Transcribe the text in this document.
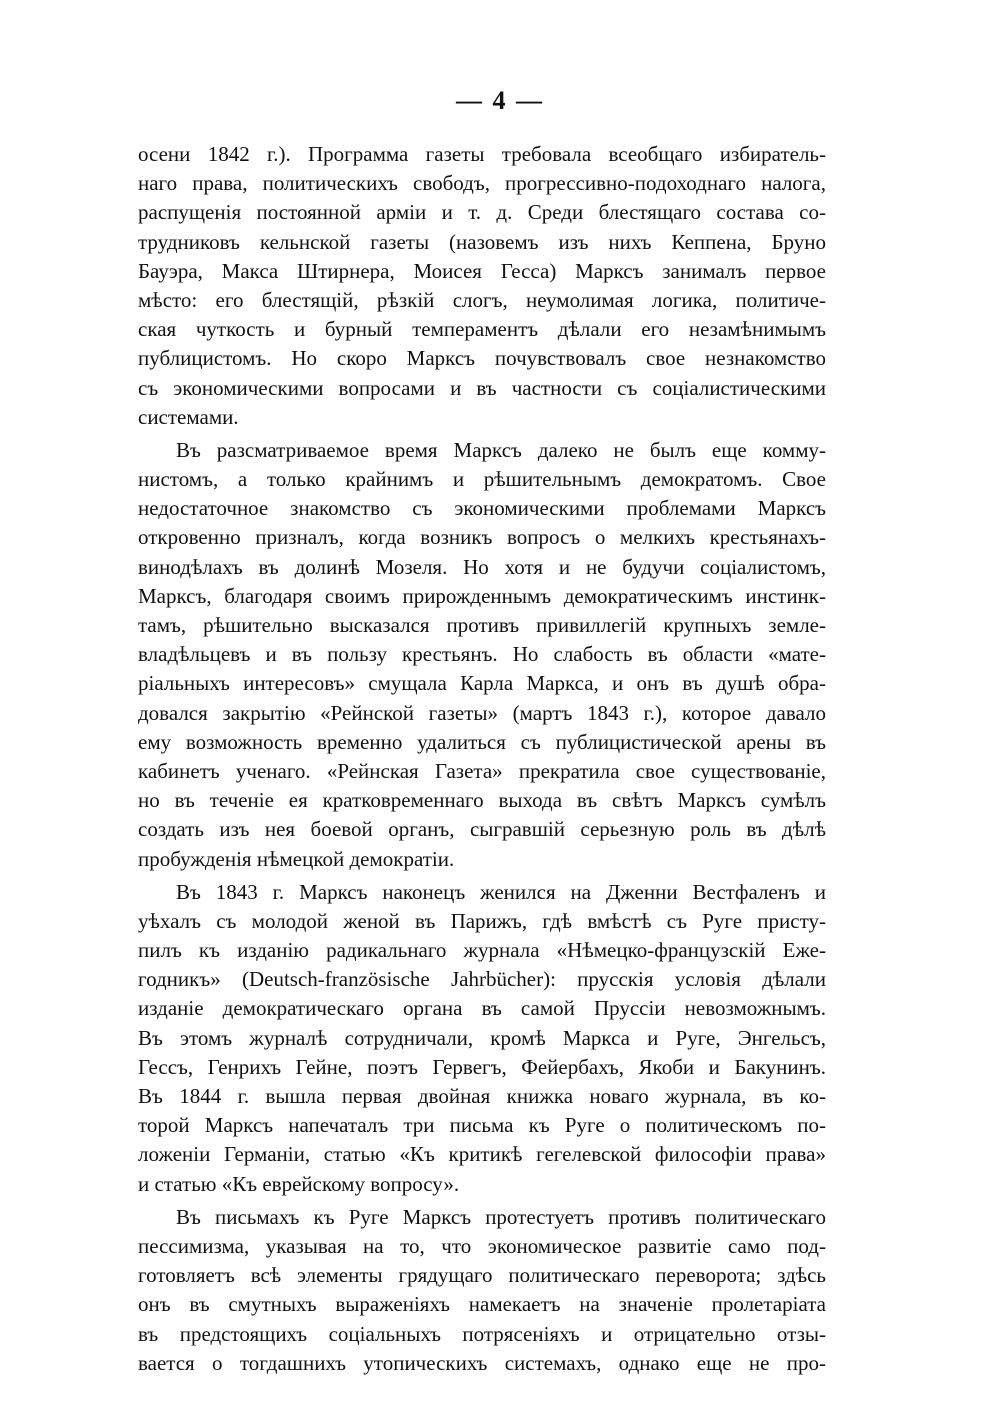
— 4 —
осени 1842 г.). Программа газеты требовала всеобщаго избиратель-
наго права, политическихъ свободъ, прогрессивно-подоходнаго налога,
распущенія постоянной арміи и т. д. Среди блестящаго состава со-
трудниковъ кельнской газеты (назовемъ изъ нихъ Кеппена, Бруно
Бауэра, Макса Штирнера, Моисея Гесса) Марксъ занималъ первое
мѣсто: его блестящій, рѣзкій слогъ, неумолимая логика, политиче-
ская чуткость и бурный темпераментъ дѣлали его незамѣнимымъ
публицистомъ. Но скоро Марксъ почувствовалъ свое незнакомство
съ экономическими вопросами и въ частности съ соціалистическими
системами.
Въ разсматриваемое время Марксъ далеко не былъ еще комму-
нистомъ, а только крайнимъ и рѣшительнымъ демократомъ. Свое
недостаточное знакомство съ экономическими проблемами Марксъ
откровенно призналъ, когда возникъ вопросъ о мелкихъ крестьянахъ-
винодѣлахъ въ долинѣ Мозеля. Но хотя и не будучи соціалистомъ,
Марксъ, благодаря своимъ прирожденнымъ демократическимъ инстинк-
тамъ, рѣшительно высказался противъ привиллегій крупныхъ земле-
владѣльцевъ и въ пользу крестьянъ. Но слабость въ области «мате-
ріальныхъ интересовъ» смущала Карла Маркса, и онъ въ душѣ обра-
довался закрытію «Рейнской газеты» (мартъ 1843 г.), которое давало
ему возможность временно удалиться съ публицистической арены въ
кабинетъ ученаго. «Рейнская Газета» прекратила свое существованіе,
но въ теченіе ея кратковременнаго выхода въ свѣтъ Марксъ сумѣлъ
создать изъ нея боевой органъ, сыгравшій серьезную роль въ дѣлѣ
пробужденія нѣмецкой демократіи.
Въ 1843 г. Марксъ наконецъ женился на Дженни Вестфаленъ и
уѣхалъ съ молодой женой въ Парижъ, гдѣ вмѣстѣ съ Руге присту-
пилъ къ изданію радикальнаго журнала «Нѣмецко-французскій Еже-
годникъ» (Deutsch-französische Jahrbücher): прусскія условія дѣлали
изданіе демократическаго органа въ самой Пруссіи невозможнымъ.
Въ этомъ журналѣ сотрудничали, кромѣ Маркса и Руге, Энгельсъ,
Гессъ, Генрихъ Гейне, поэтъ Гервегъ, Фейербахъ, Якоби и Бакунинъ.
Въ 1844 г. вышла первая двойная книжка новаго журнала, въ ко-
торой Марксъ напечаталъ три письма къ Руге о политическомъ по-
ложеніи Германіи, статью «Къ критикѣ гегелевской философіи права»
и статью «Къ еврейскому вопросу».
Въ письмахъ къ Руге Марксъ протестуетъ противъ политическаго
пессимизма, указывая на то, что экономическое развитіе само под-
готовляетъ всѣ элементы грядущаго политическаго переворота; здѣсь
онъ въ смутныхъ выраженіяхъ намекаетъ на значеніе пролетаріата
въ предстоящихъ соціальныхъ потрясеніяхъ и отрицательно отзы-
вается о тогдашнихъ утопическихъ системахъ, однако еще не про-
